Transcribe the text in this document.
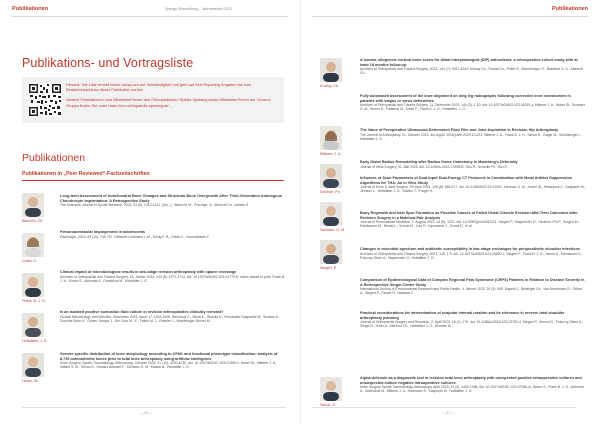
Publikationen	Spenglr-Entwedbrug – Jahresbericht 2023	Publikationen
Publikations- und Vortragsliste

Hinweis: Die Liste erhebt keinen Anspruch auf Vollständigkeit und geht auf Self-Reporting Angaben bis zum Redaktionsschluss dieser Publikation zurück.

Weitere Publikationen vom Mitarbeiter*innen des Orthopädischen Spitals Speising sowie Mitarbeiter*innen der Vinzenz Gruppe finden Sie unter https://xxx.orthopaedie-speising.at/...

Publikationen
Publikationen in „Peer Reviewed“-Fachzeitschriften
Albrecht, Ch.
Chiari, C.
Frank, B. J. H.
Hofstätter, J. G.
Huber, St.
Long-term Assessment of Subchondral Bone Changes and Structural Bone Overgrowth After Third-Generation Autologous Chondrocyte Implantation: A Retrospective Study
The American Journal of Sports Medicine, 2023, 51 (6): 1412-1421. [doi...] · Albrecht, M., Fraxinge, S., Albrecht Ch., Aebele S.
Femoroacetabular Impingement in adolescents
Radiologie, 2023, 63 (10): 749-757. Nöbauer-Huhmann I.-M., König F. R., Chiari C., Schmidmeier F.
Clinical impact of microbiological results in two-stage revision arthroplasty with spacer exchange
Archives of Orthopaedic and Trauma Surgery, 23, Jänner 2023, 143 (8): 4707-4714, doi: 10.1007/s00402-023-04779-5: online ahead of print. Frank B. J. H., Simon S., Aichmair A., Dominkus M., Hofstätter J. G.
Is an isolated positive sonication fluid culture in revision arthroplasties clinically relevant?
Clinical Microbiology and Infection, November 2023, Issue 17: 1003-1006. Reindaus C., Mirza K., Hintolla K., Fernandes Szapanhe M., Sostaro A., Doscrée Brion V., Grimm Jampol J., Del Curo M., E., Fallen M. J., Dreisler J., Wohlfsurger-Bahrer M.
Gender specific distribution of knee morphology according to CPAK and functional phenotype classification: analysis of 8,739 osteoarthritic knees prior to total knee arthroplasty using artificial intelligence
Knee Surgery, Sports Traumatology, Arthroscopy, October 2023, 31 (10): 4220-4230, doi: 10.1007/s00167-023-07459-z. Huber St., Mitterer J. A., Vallant S. M., Simon S., Hanak-Hammerl F., Schwarz G. M., Klasan A., Hofstätter J. G.
— 46 —
Krusny, Ch.
Mitterer, J. A.
Schedle, Ph.
Schwarz, G. M.
Siegert, P.
Simon, S.
A human, allogeneic cortical bone screw for distal interphalangeal (DIP) arthrodesis: a retrospective cohort study with at least 18 months follow-up
Archives of Orthopaedic and Trauma Surgery, 2023, 143 (7): 4037-4044. Krusny Ch., Rudda Ch., Prikrit S., Steudlmayer G., Boeckert G. U., Albrecht Ch.
Fully automated assessment of the knee alignment on long leg radiographs following corrective knee osteotomies in patients with valgus or varus deformities
Archives of Orthopaedic and Trauma Surgery, 11. Dezember 2023, 144 (3): 1-10. doi: 10.1007/s00402-023-05151-y. Mitterer J. A., Huber St., Schwarz G. M., Simon S., Pallamar M., Kloke F., Frank B. J. H., Hofstätter, J. G.
The Value of Preoperative Ultrasound-Determined Fluid Film and Joint Aspiration in Revision Hip Arthroplasty
The Journal of Arthroplasty, 21. Oktober 2023, doi.org/10.1016/j.arth.2023.10.023. Mitterer J. A., Frank B. J. H., Simon S., Gager M., Schöfberger L., Hofstätter J. G.
Early Distal Radius Remodeling after Radius Dome Osteotomy in Madelung's Deformity
Journal of Wrist Surgery, 31. Mai 2023, doi: 10.1055/s-0043-1769832. Rus R., Schedle Ph., Sizi S.
Influence of Scan Parameters of Dual-Input Dual-Energy CT Protocols in Combination with Metal Artifact Suppression Algorithms for THA: An in Vitro Study
Journal of Knee & Joint Surgery, 7th April 2023, 105 (8): 565-577. doi: 10.2106/JBJS.22.01002. Schwarz G. M., Huber St., Wassipaul C., Kasparek M., Jirmann L., Hofstätter J. G., Stadler T., Prager H.
Bony Regrowth and New Spur Formation as Possible Causes of Failed Distal Clavicle Excision-Mid-Term Outcomes after Revision Surgery in a Matched-Pair Analysis
Journal of Personalized Medicine, 1. August 2023, 13 (8): 1221. doi: 10.3390/jpm13081221. Siegert P., Mayerhofer D., Heubner-Pfü P., Siegert M., Edelbacher M., Riedel L., Schulz M., Lutz R., Kipuwener J., Scholl R., et al.
Changes in microbial spectrum and antibiotic susceptibility in two-stage exchanges for periprosthetic shoulder infections
Archives of Orthopaedic and Trauma Surgery, 2023, 143: 1-9. doi: 10.1007/s00402-023-04600-7. Siegert P., Frank B. J. H., Simon S., Aibmauser G., Pokorny-Olsen A., Mayerhofer D., Hofstätter J. G.
Comparison of Epidemiological Data of Complex Regional Pain Syndrome (CRPS) Patients in Relation to Disease Severity in A Retrospective Single-Center Study
International Journal of Environmental Research and Public Health, 4. Jänner 2023, 20 (2): 946. Dapedl J., Beisinger Ch., Von Armstroem R., Orlina A., Siegert P., Paunir H., Nakawa T.
Practical considerations for determination of scapular internal rotation and its relevance in reverse total shoulder arthroplasty planning
Journal of Orthopaedic Surgery and Research, 2. April 2023, 18 (1): 279. doi: 10.1186/s13018-023-03763-4. Siegert P., Moroni D., Pokorny-Olsen A., Siegel D., Hofer A., Albrecht Ch., Hofstätter J. G., Wunder M.
Alpha-defensin as a diagnostic tool in revision total knee arthroplasty with unexpected positive intraoperative cultures and unsuspected culture negative intraoperative cultures
Knee Surgery Sports Traumatology Arthroscopy, April 2023: 31 (4): 1452-1458. doi: 10.1007/s00167-022-07346-w. Simon S., Frank B. J. H., Aichmair A., Dominkus M., Mitterer J. A., Hartmann S., Kasparek M., Hofstätter J. G.
— 47 —
